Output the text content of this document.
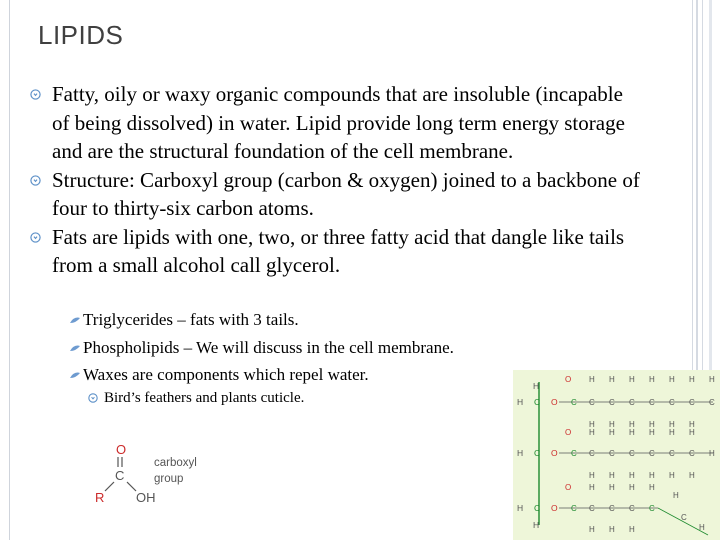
LIPIDS
Fatty, oily or waxy organic compounds that are insoluble (incapable of being dissolved) in water. Lipid provide long term energy storage and are the structural foundation of the cell membrane.
Structure: Carboxyl group (carbon & oxygen) joined to a backbone of four to thirty-six carbon atoms.
Fats are lipids with one, two, or three fatty acid that dangle like tails from a small alcohol call glycerol.
Triglycerides – fats with 3 tails.
Phospholipids – We will discuss in the cell membrane.
Waxes are components which repel water.
Bird’s feathers and plants cuticle.
O
C
R OH
carboxyl
group
H
H C O
H C O
H C O
H
O
C
H
C
H
H
C
H
H
C
H
H
C
H
H
C
H
H
C
H
H
C
O
C
H
C
H
H
C
H
H
C
H
H
C
H
H
C
H
H
C
H
H
O
C
H
C
H
H
C
H
H
C
H
H
C
H
C
H
